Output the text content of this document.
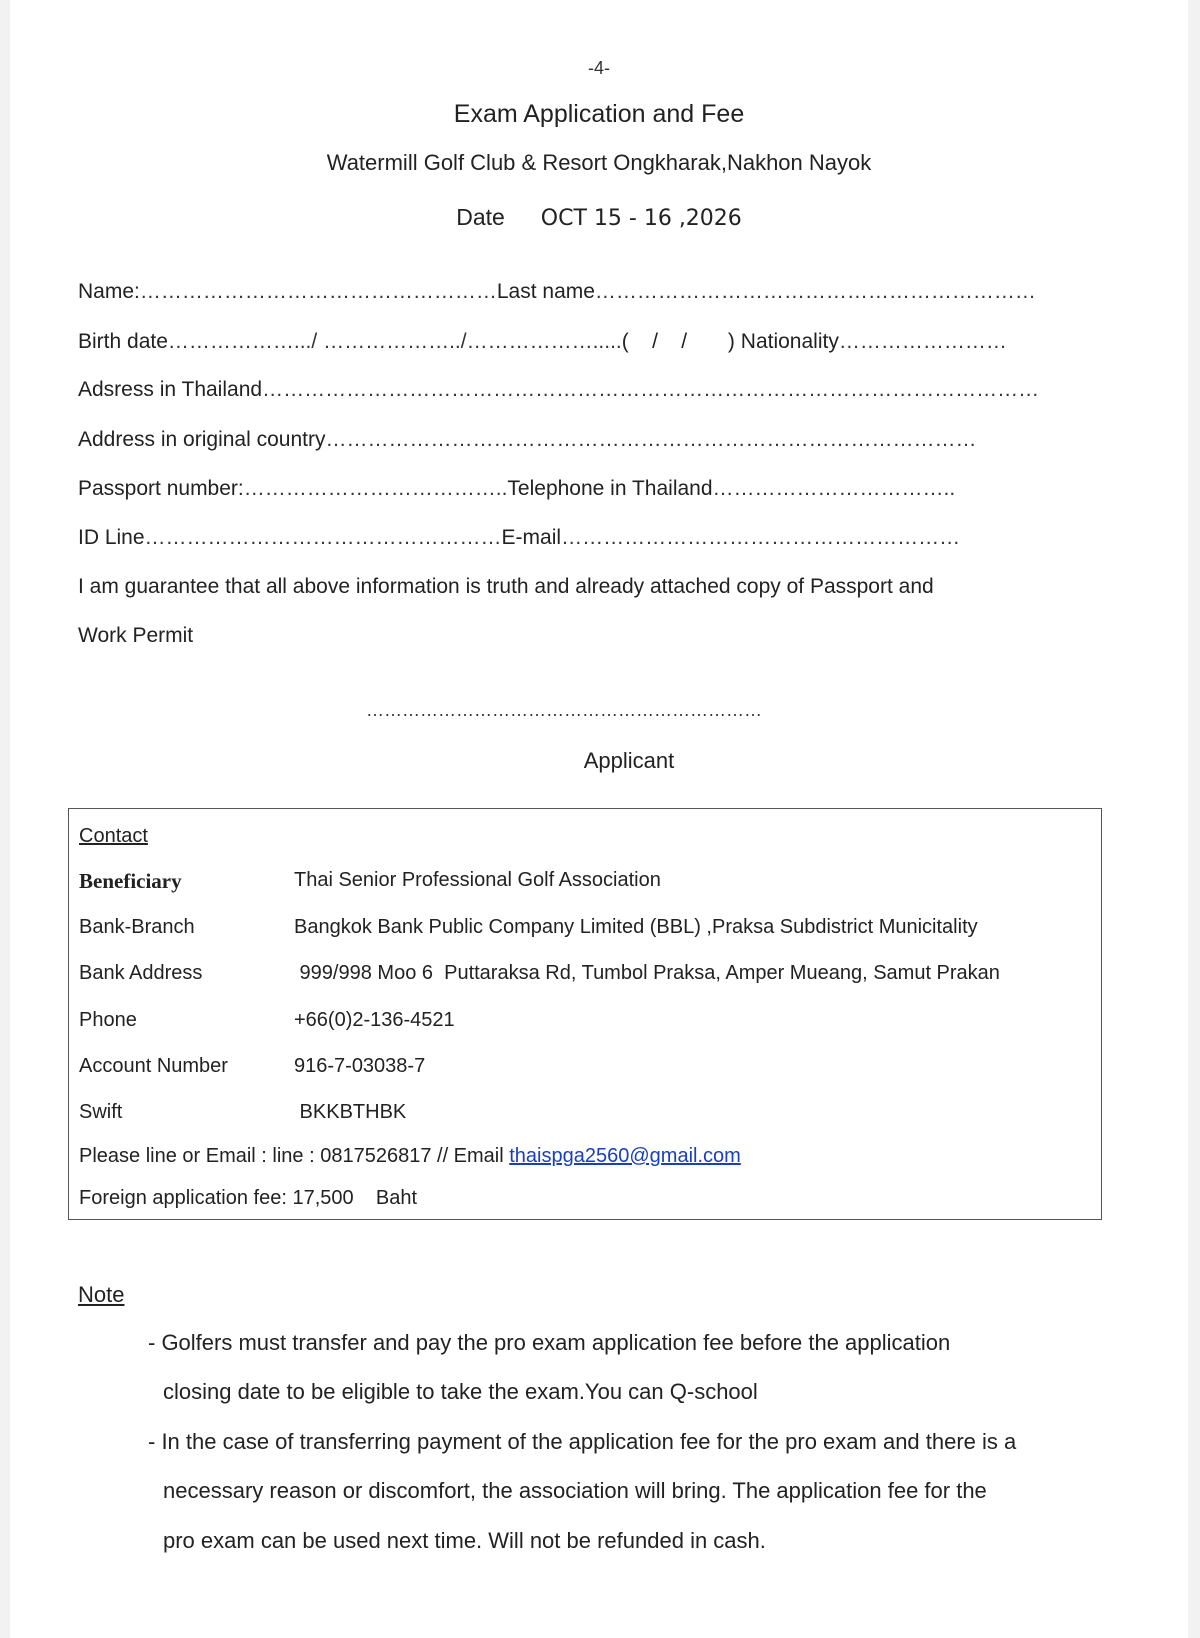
-4-
Exam Application and Fee
Watermill Golf Club & Resort Ongkharak,Nakhon Nayok
Date OCT 15 - 16 ,2026
Name:……………………………………………Last name………………………………………………………
Birth date……………….../ ………………../……………….....(    /    /       ) Nationality……………………
Adsress in Thailand…………………………………………………………………………………………………
Address in original country…………………………………………………………………………………
Passport number:………………………………..Telephone in Thailand……………………………..
ID Line……………………………………………E-mail…………………………………………………
I am guarantee that all above information is truth and already attached copy of Passport and
Work Permit
…………………………………………………………
Applicant
Contact
Beneficiary	Thai Senior Professional Golf Association
Bank-Branch	Bangkok Bank Public Company Limited (BBL) ,Praksa Subdistrict Municitality
Bank Address	999/998 Moo 6  Puttaraksa Rd, Tumbol Praksa, Amper Mueang, Samut Prakan
Phone	+66(0)2-136-4521
Account Number	916-7-03038-7
Swift	BKKBTHBK
Please line or Email : line : 0817526817 // Email thaispga2560@gmail.com
Foreign application fee: 17,500    Baht
Note
- Golfers must transfer and pay the pro exam application fee before the application
closing date to be eligible to take the exam.You can Q-school
- In the case of transferring payment of the application fee for the pro exam and there is a
necessary reason or discomfort, the association will bring. The application fee for the
pro exam can be used next time. Will not be refunded in cash.
